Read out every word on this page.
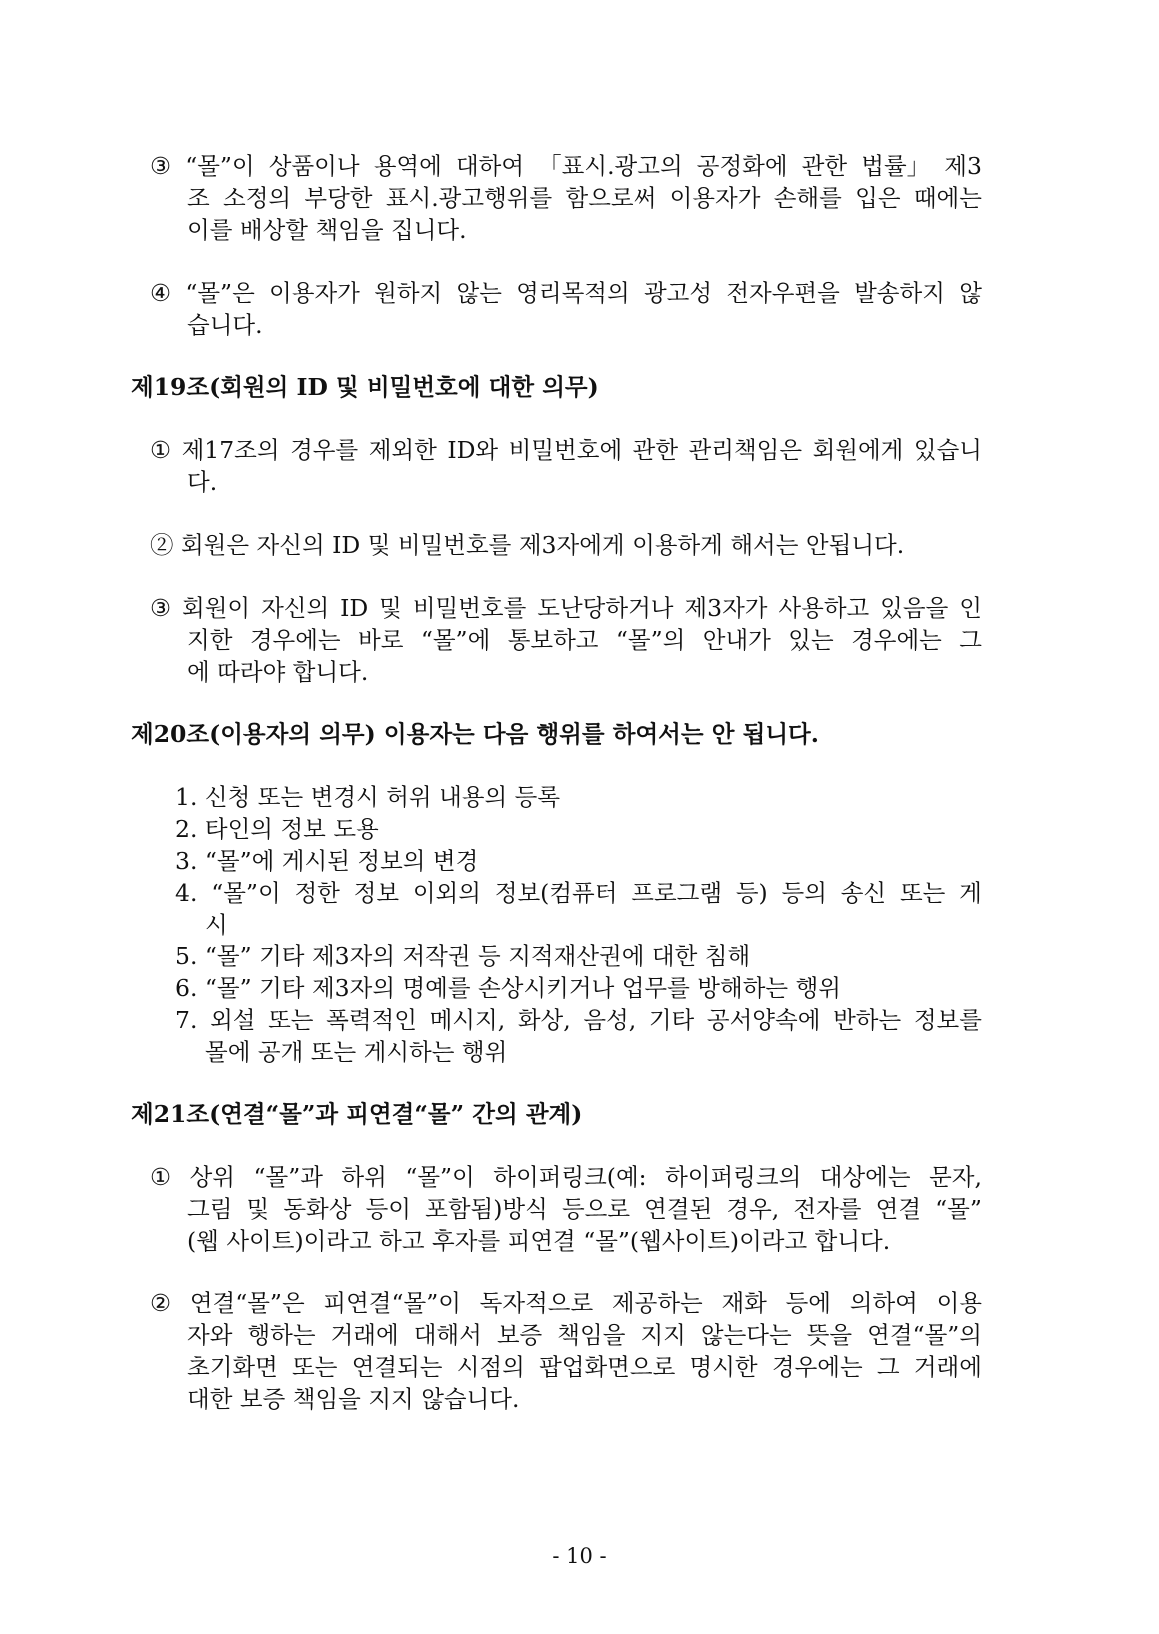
③ “몰”이 상품이나 용역에 대하여 「표시.광고의 공정화에 관한 법률」 제3
조 소정의 부당한 표시.광고행위를 함으로써 이용자가 손해를 입은 때에는
이를 배상할 책임을 집니다.
④ “몰”은 이용자가 원하지 않는 영리목적의 광고성 전자우편을 발송하지 않
습니다.
제19조(회원의 ID 및 비밀번호에 대한 의무)
① 제17조의 경우를 제외한 ID와 비밀번호에 관한 관리책임은 회원에게 있습니
다.
② 회원은 자신의 ID 및 비밀번호를 제3자에게 이용하게 해서는 안됩니다.
③ 회원이 자신의 ID 및 비밀번호를 도난당하거나 제3자가 사용하고 있음을 인
지한 경우에는 바로 “몰”에 통보하고 “몰”의 안내가 있는 경우에는 그
에 따라야 합니다.
제20조(이용자의 의무) 이용자는 다음 행위를 하여서는 안 됩니다.
1. 신청 또는 변경시 허위 내용의 등록
2. 타인의 정보 도용
3. “몰”에 게시된 정보의 변경
4. “몰”이 정한 정보 이외의 정보(컴퓨터 프로그램 등) 등의 송신 또는 게
시
5. “몰” 기타 제3자의 저작권 등 지적재산권에 대한 침해
6. “몰” 기타 제3자의 명예를 손상시키거나 업무를 방해하는 행위
7. 외설 또는 폭력적인 메시지, 화상, 음성, 기타 공서양속에 반하는 정보를
몰에 공개 또는 게시하는 행위
제21조(연결“몰”과 피연결“몰” 간의 관계)
① 상위 “몰”과 하위 “몰”이 하이퍼링크(예: 하이퍼링크의 대상에는 문자,
그림 및 동화상 등이 포함됨)방식 등으로 연결된 경우, 전자를 연결 “몰”
(웹 사이트)이라고 하고 후자를 피연결 “몰”(웹사이트)이라고 합니다.
② 연결“몰”은 피연결“몰”이 독자적으로 제공하는 재화 등에 의하여 이용
자와 행하는 거래에 대해서 보증 책임을 지지 않는다는 뜻을 연결“몰”의
초기화면 또는 연결되는 시점의 팝업화면으로 명시한 경우에는 그 거래에
대한 보증 책임을 지지 않습니다.
- 10 -
